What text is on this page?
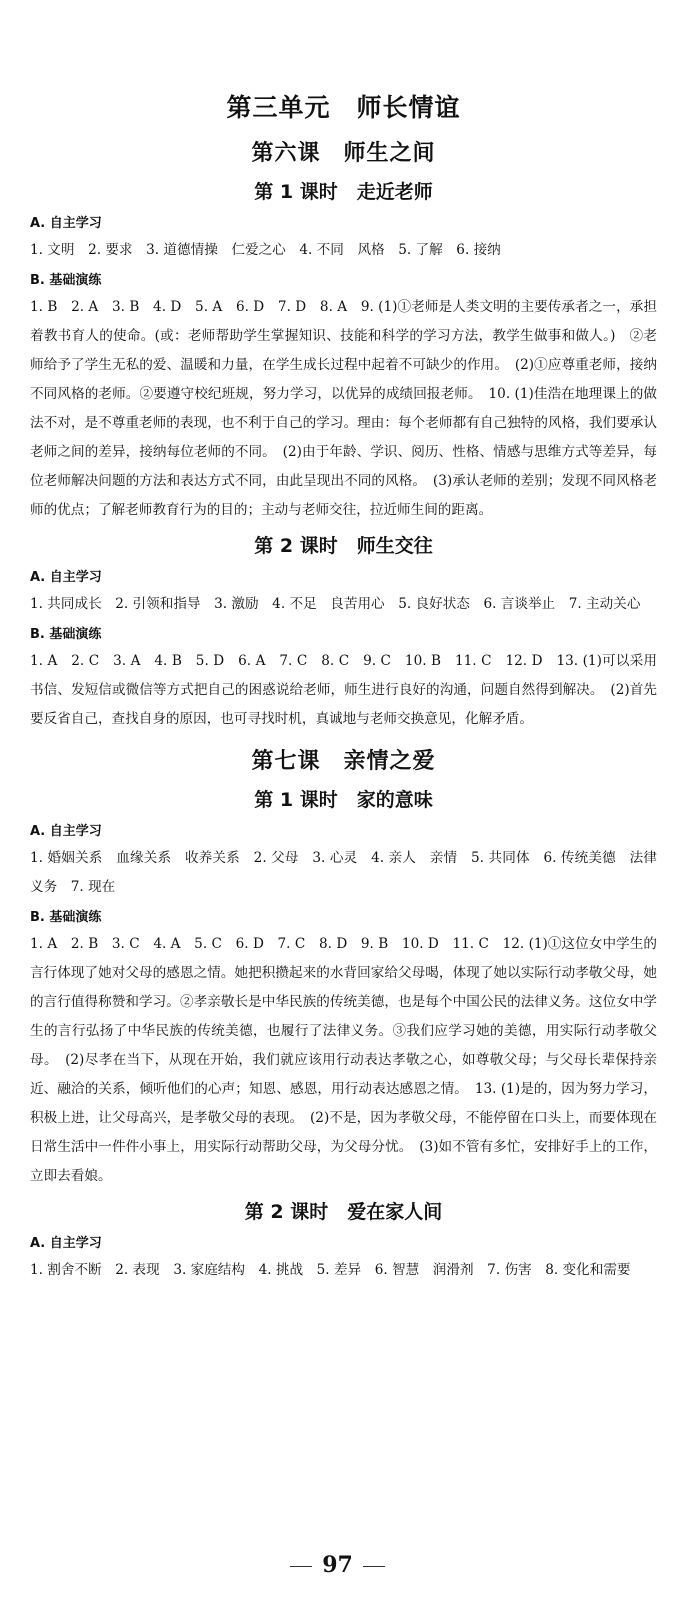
第三单元　师长情谊
第六课　师生之间
第 1 课时　走近老师
A. 自主学习
1. 文明　2. 要求　3. 道德情操　仁爱之心　4. 不同　风格　5. 了解　6. 接纳
B. 基础演练
1. B　2. A　3. B　4. D　5. A　6. D　7. D　8. A　9. (1)①老师是人类文明的主要传承者之一，承担着教书育人的使命。(或：老师帮助学生掌握知识、技能和科学的学习方法，教学生做事和做人。)　②老师给予了学生无私的爱、温暖和力量，在学生成长过程中起着不可缺少的作用。　(2)①应尊重老师，接纳不同风格的老师。②要遵守校纪班规，努力学习，以优异的成绩回报老师。　10. (1)佳浩在地理课上的做法不对，是不尊重老师的表现，也不利于自己的学习。理由：每个老师都有自己独特的风格，我们要承认老师之间的差异，接纳每位老师的不同。　(2)由于年龄、学识、阅历、性格、情感与思维方式等差异，每位老师解决问题的方法和表达方式不同，由此呈现出不同的风格。　(3)承认老师的差别；发现不同风格老师的优点；了解老师教育行为的目的；主动与老师交往，拉近师生间的距离。
第 2 课时　师生交往
A. 自主学习
1. 共同成长　2. 引领和指导　3. 激励　4. 不足　良苦用心　5. 良好状态　6. 言谈举止　7. 主动关心
B. 基础演练
1. A　2. C　3. A　4. B　5. D　6. A　7. C　8. C　9. C　10. B　11. C　12. D　13. (1)可以采用书信、发短信或微信等方式把自己的困惑说给老师，师生进行良好的沟通，问题自然得到解决。　(2)首先要反省自己，查找自身的原因，也可寻找时机，真诚地与老师交换意见，化解矛盾。
第七课　亲情之爱
第 1 课时　家的意味
A. 自主学习
1. 婚姻关系　血缘关系　收养关系　2. 父母　3. 心灵　4. 亲人　亲情　5. 共同体　6. 传统美德　法律义务　7. 现在
B. 基础演练
1. A　2. B　3. C　4. A　5. C　6. D　7. C　8. D　9. B　10. D　11. C　12. (1)①这位女中学生的言行体现了她对父母的感恩之情。她把积攒起来的水背回家给父母喝，体现了她以实际行动孝敬父母，她的言行值得称赞和学习。②孝亲敬长是中华民族的传统美德，也是每个中国公民的法律义务。这位女中学生的言行弘扬了中华民族的传统美德，也履行了法律义务。③我们应学习她的美德，用实际行动孝敬父母。　(2)尽孝在当下，从现在开始，我们就应该用行动表达孝敬之心，如尊敬父母；与父母长辈保持亲近、融洽的关系，倾听他们的心声；知恩、感恩，用行动表达感恩之情。　13. (1)是的，因为努力学习，积极上进，让父母高兴，是孝敬父母的表现。　(2)不是，因为孝敬父母，不能停留在口头上，而要体现在日常生活中一件件小事上，用实际行动帮助父母，为父母分忧。　(3)如不管有多忙，安排好手上的工作，立即去看娘。
第 2 课时　爱在家人间
A. 自主学习
1. 割舍不断　2. 表现　3. 家庭结构　4. 挑战　5. 差异　6. 智慧　润滑剂　7. 伤害　8. 变化和需要
97
